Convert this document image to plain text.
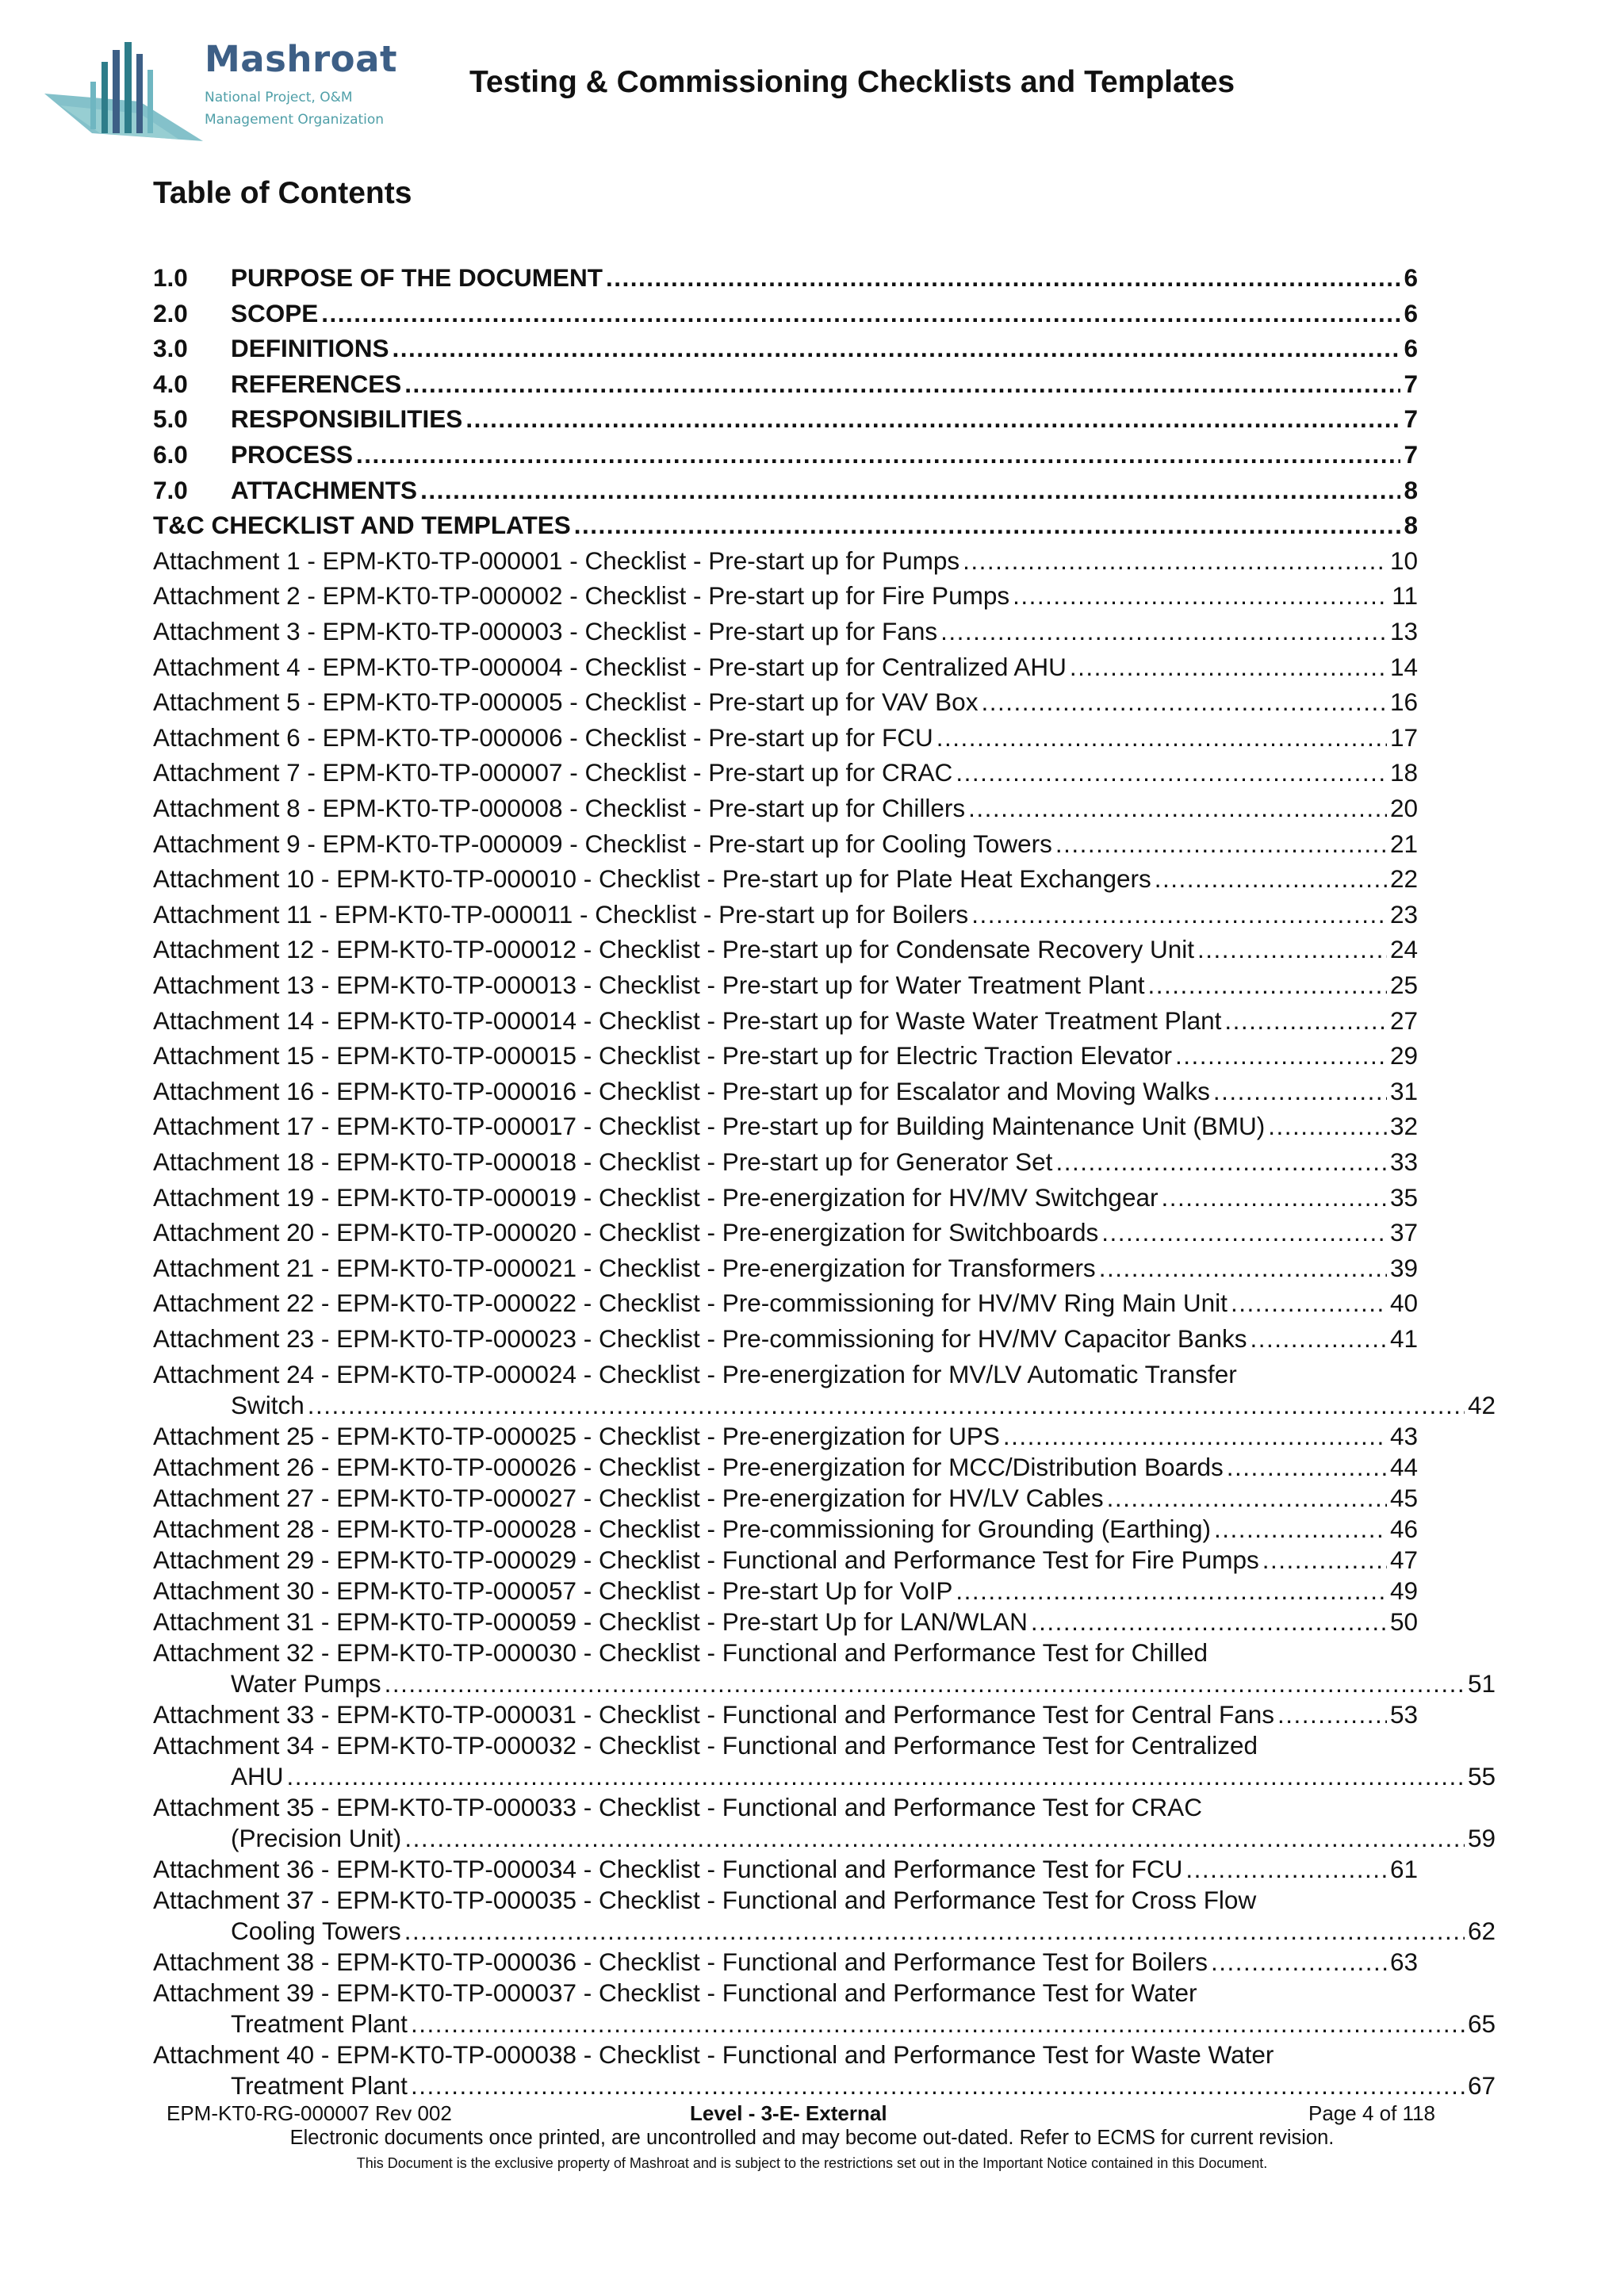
Mashroat
National Project, O&M
Management Organization
Testing & Commissioning Checklists and Templates
Table of Contents
1.0	PURPOSE OF THE DOCUMENT .....	6
2.0	SCOPE .....	6
3.0	DEFINITIONS .....	6
4.0	REFERENCES .....	7
5.0	RESPONSIBILITIES .....	7
6.0	PROCESS .....	7
7.0	ATTACHMENTS .....	8
T&C CHECKLIST AND TEMPLATES .....	8
Attachment 1 - EPM-KT0-TP-000001 - Checklist - Pre-start up for Pumps .....	10
Attachment 2 - EPM-KT0-TP-000002 - Checklist - Pre-start up for Fire Pumps .....	11
Attachment 3 - EPM-KT0-TP-000003 - Checklist - Pre-start up for Fans .....	13
Attachment 4 - EPM-KT0-TP-000004 - Checklist - Pre-start up for Centralized AHU .....	14
Attachment 5 - EPM-KT0-TP-000005 - Checklist - Pre-start up for VAV Box .....	16
Attachment 6 - EPM-KT0-TP-000006 - Checklist - Pre-start up for FCU .....	17
Attachment 7 - EPM-KT0-TP-000007 - Checklist - Pre-start up for CRAC .....	18
Attachment 8 - EPM-KT0-TP-000008 - Checklist - Pre-start up for Chillers .....	20
Attachment 9 - EPM-KT0-TP-000009 - Checklist - Pre-start up for Cooling Towers .....	21
Attachment 10 - EPM-KT0-TP-000010 - Checklist - Pre-start up for Plate Heat Exchangers .....	22
Attachment 11 - EPM-KT0-TP-000011 - Checklist - Pre-start up for Boilers .....	23
Attachment 12 - EPM-KT0-TP-000012 - Checklist - Pre-start up for Condensate Recovery Unit .....	24
Attachment 13 - EPM-KT0-TP-000013 - Checklist - Pre-start up for Water Treatment Plant .....	25
Attachment 14 - EPM-KT0-TP-000014 - Checklist - Pre-start up for Waste Water Treatment Plant .....	27
Attachment 15 - EPM-KT0-TP-000015 - Checklist - Pre-start up for Electric Traction Elevator .....	29
Attachment 16 - EPM-KT0-TP-000016 - Checklist - Pre-start up for Escalator and Moving Walks .....	31
Attachment 17 - EPM-KT0-TP-000017 - Checklist - Pre-start up for Building Maintenance Unit (BMU) .....	32
Attachment 18 - EPM-KT0-TP-000018 - Checklist - Pre-start up for Generator Set .....	33
Attachment 19 - EPM-KT0-TP-000019 - Checklist - Pre-energization for HV/MV Switchgear .....	35
Attachment 20 - EPM-KT0-TP-000020 - Checklist - Pre-energization for Switchboards .....	37
Attachment 21 - EPM-KT0-TP-000021 - Checklist - Pre-energization for Transformers .....	39
Attachment 22 - EPM-KT0-TP-000022 - Checklist - Pre-commissioning for HV/MV Ring Main Unit .....	40
Attachment 23 - EPM-KT0-TP-000023 - Checklist - Pre-commissioning for HV/MV Capacitor Banks .....	41
Attachment 24 - EPM-KT0-TP-000024 - Checklist - Pre-energization for MV/LV Automatic Transfer
Switch .....	42
Attachment 25 - EPM-KT0-TP-000025 - Checklist - Pre-energization for UPS .....	43
Attachment 26 - EPM-KT0-TP-000026 - Checklist - Pre-energization for MCC/Distribution Boards .....	44
Attachment 27 - EPM-KT0-TP-000027 - Checklist - Pre-energization for HV/LV Cables .....	45
Attachment 28 - EPM-KT0-TP-000028 - Checklist - Pre-commissioning for Grounding (Earthing) .....	46
Attachment 29 - EPM-KT0-TP-000029 - Checklist - Functional and Performance Test for Fire Pumps .....	47
Attachment 30 - EPM-KT0-TP-000057 - Checklist - Pre-start Up for VoIP .....	49
Attachment 31 - EPM-KT0-TP-000059 - Checklist - Pre-start Up for LAN/WLAN .....	50
Attachment 32 - EPM-KT0-TP-000030 - Checklist - Functional and Performance Test for Chilled
Water Pumps .....	51
Attachment 33 - EPM-KT0-TP-000031 - Checklist - Functional and Performance Test for Central Fans .....	53
Attachment 34 - EPM-KT0-TP-000032 - Checklist - Functional and Performance Test for Centralized
AHU .....	55
Attachment 35 - EPM-KT0-TP-000033 - Checklist - Functional and Performance Test for CRAC
(Precision Unit) .....	59
Attachment 36 - EPM-KT0-TP-000034 - Checklist - Functional and Performance Test for FCU .....	61
Attachment 37 - EPM-KT0-TP-000035 - Checklist - Functional and Performance Test for Cross Flow
Cooling Towers .....	62
Attachment 38 - EPM-KT0-TP-000036 - Checklist - Functional and Performance Test for Boilers .....	63
Attachment 39 - EPM-KT0-TP-000037 - Checklist - Functional and Performance Test for Water
Treatment Plant .....	65
Attachment 40 - EPM-KT0-TP-000038 - Checklist - Functional and Performance Test for Waste Water
Treatment Plant .....	67
EPM-KT0-RG-000007 Rev 002	Level - 3-E- External	Page 4 of 118
Electronic documents once printed, are uncontrolled and may become out-dated. Refer to ECMS for current revision.
This Document is the exclusive property of Mashroat and is subject to the restrictions set out in the Important Notice contained in this Document.
